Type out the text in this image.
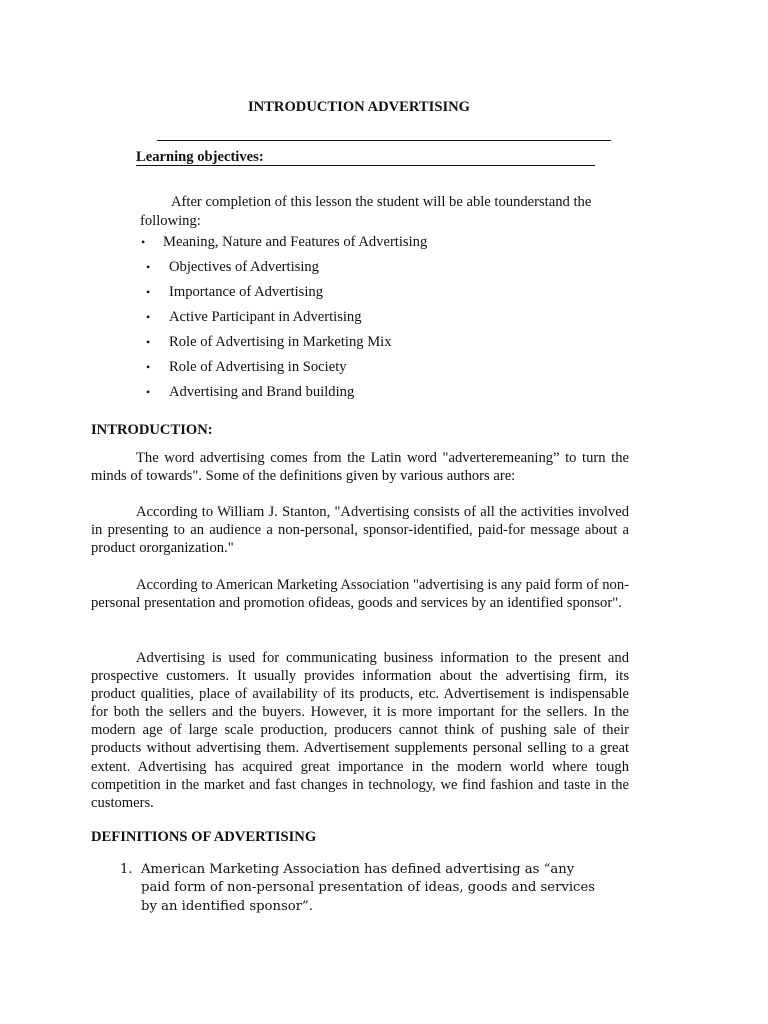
INTRODUCTION ADVERTISING
Learning objectives:
After completion of this lesson the student will be able tounderstand the following:
• Meaning, Nature and Features of Advertising
• Objectives of Advertising
• Importance of Advertising
• Active Participant in Advertising
• Role of Advertising in Marketing Mix
• Role of Advertising in Society
• Advertising and Brand building
INTRODUCTION:
The word advertising comes from the Latin word "adverteremeaning” to turn the minds of towards". Some of the definitions given by various authors are:
According to William J. Stanton, "Advertising consists of all the activities involved in presenting to an audience a non-personal, sponsor-identified, paid-for message about a product ororganization."
According to American Marketing Association "advertising is any paid form of non-personal presentation and promotion ofideas, goods and services by an identified sponsor".
Advertising is used for communicating business information to the present and prospective customers. It usually provides information about the advertising firm, its product qualities, place of availability of its products, etc. Advertisement is indispensable for both the sellers and the buyers. However, it is more important for the sellers. In the modern age of large scale production, producers cannot think of pushing sale of their products without advertising them. Advertisement supplements personal selling to a great extent. Advertising has acquired great importance in the modern world where tough competition in the market and fast changes in technology, we find fashion and taste in the customers.
DEFINITIONS OF ADVERTISING
1. American Marketing Association has defined advertising as “any paid form of non-personal presentation of ideas, goods and services by an identified sponsor”.
